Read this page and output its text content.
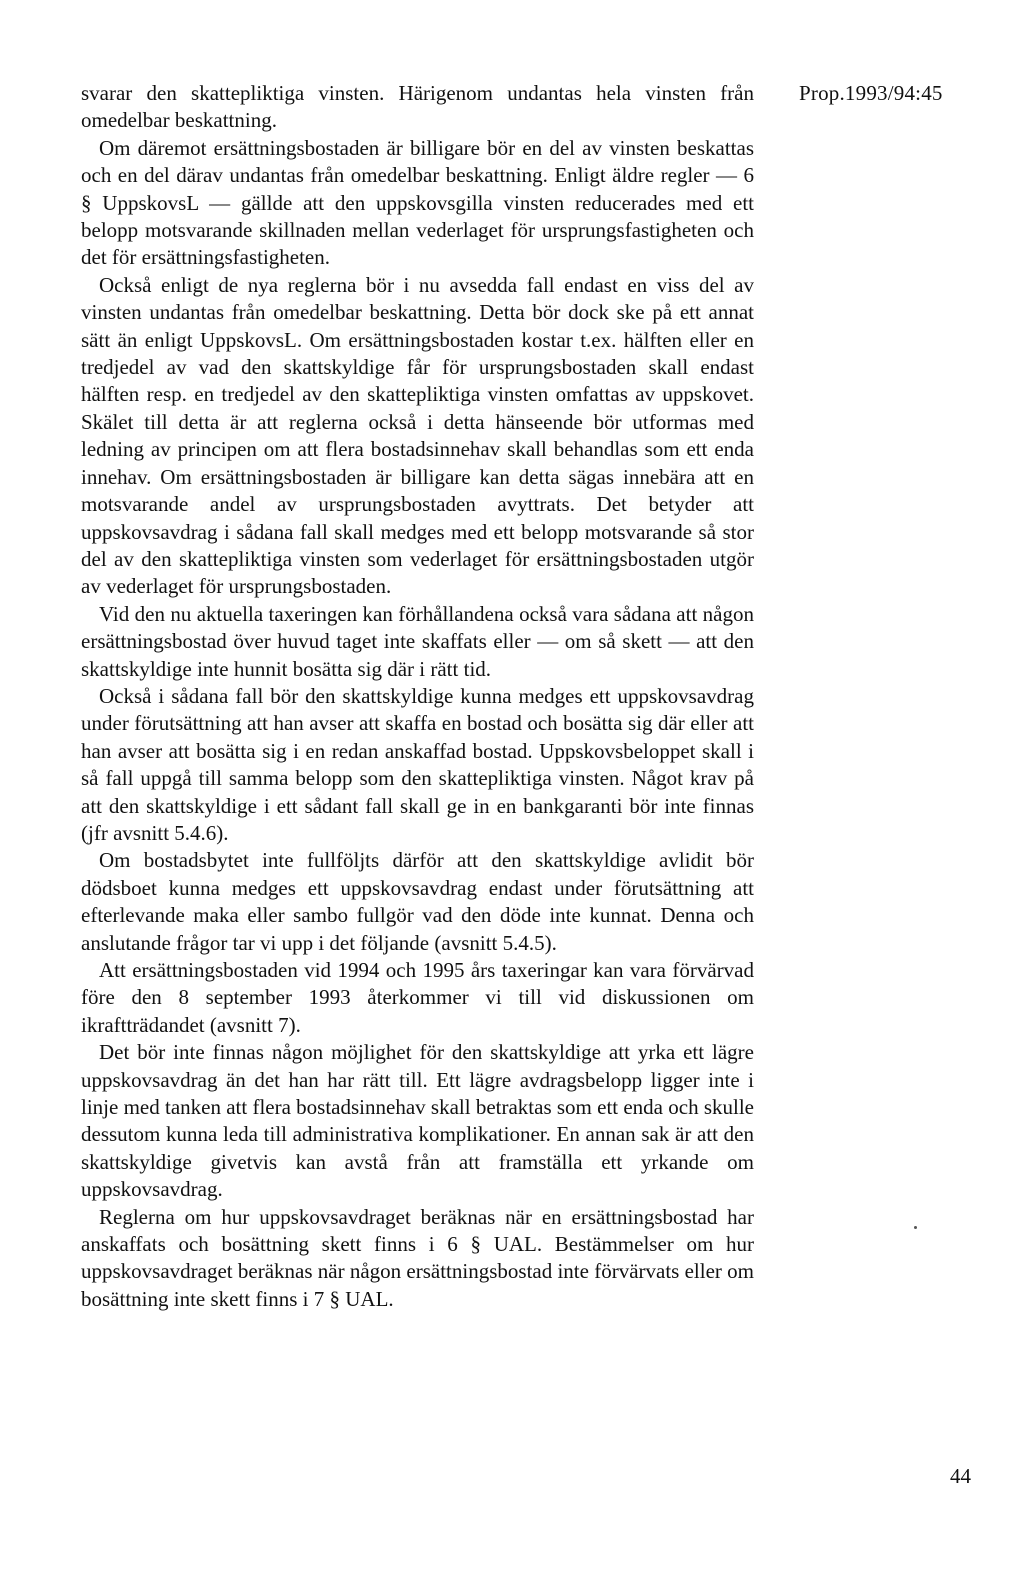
Prop.1993/94:45

svarar den skattepliktiga vinsten. Härigenom undantas hela vinsten från omedelbar beskattning.

Om däremot ersättningsbostaden är billigare bör en del av vinsten beskattas och en del därav undantas från omedelbar beskattning. Enligt äldre regler — 6 § UppskovsL — gällde att den uppskovsgilla vinsten reducerades med ett belopp motsvarande skillnaden mellan vederlaget för ursprungsfastigheten och det för ersättningsfastigheten.

Också enligt de nya reglerna bör i nu avsedda fall endast en viss del av vinsten undantas från omedelbar beskattning. Detta bör dock ske på ett annat sätt än enligt UppskovsL. Om ersättningsbostaden kostar t.ex. hälften eller en tredjedel av vad den skattskyldige får för ursprungsbostaden skall endast hälften resp. en tredjedel av den skattepliktiga vinsten omfattas av uppskovet. Skälet till detta är att reglerna också i detta hänseende bör utformas med ledning av principen om att flera bostadsinnehav skall behandlas som ett enda innehav. Om ersättningsbostaden är billigare kan detta sägas innebära att en motsvarande andel av ursprungsbostaden avyttrats. Det betyder att uppskovsavdrag i sådana fall skall medges med ett belopp motsvarande så stor del av den skattepliktiga vinsten som vederlaget för ersättningsbostaden utgör av vederlaget för ursprungsbostaden.

Vid den nu aktuella taxeringen kan förhållandena också vara sådana att någon ersättningsbostad över huvud taget inte skaffats eller — om så skett — att den skattskyldige inte hunnit bosätta sig där i rätt tid.

Också i sådana fall bör den skattskyldige kunna medges ett uppskovsavdrag under förutsättning att han avser att skaffa en bostad och bosätta sig där eller att han avser att bosätta sig i en redan anskaffad bostad. Uppskovsbeloppet skall i så fall uppgå till samma belopp som den skattepliktiga vinsten. Något krav på att den skattskyldige i ett sådant fall skall ge in en bankgaranti bör inte finnas (jfr avsnitt 5.4.6).

Om bostadsbytet inte fullföljts därför att den skattskyldige avlidit bör dödsboet kunna medges ett uppskovsavdrag endast under förutsättning att efterlevande maka eller sambo fullgör vad den döde inte kunnat. Denna och anslutande frågor tar vi upp i det följande (avsnitt 5.4.5).

Att ersättningsbostaden vid 1994 och 1995 års taxeringar kan vara förvärvad före den 8 september 1993 återkommer vi till vid diskussionen om ikraftträdandet (avsnitt 7).

Det bör inte finnas någon möjlighet för den skattskyldige att yrka ett lägre uppskovsavdrag än det han har rätt till. Ett lägre avdragsbelopp ligger inte i linje med tanken att flera bostadsinnehav skall betraktas som ett enda och skulle dessutom kunna leda till administrativa komplikationer. En annan sak är att den skattskyldige givetvis kan avstå från att framställa ett yrkande om uppskovsavdrag.

Reglerna om hur uppskovsavdraget beräknas när en ersättningsbostad har anskaffats och bosättning skett finns i 6 § UAL. Bestämmelser om hur uppskovsavdraget beräknas när någon ersättningsbostad inte förvärvats eller om bosättning inte skett finns i 7 § UAL.

44
